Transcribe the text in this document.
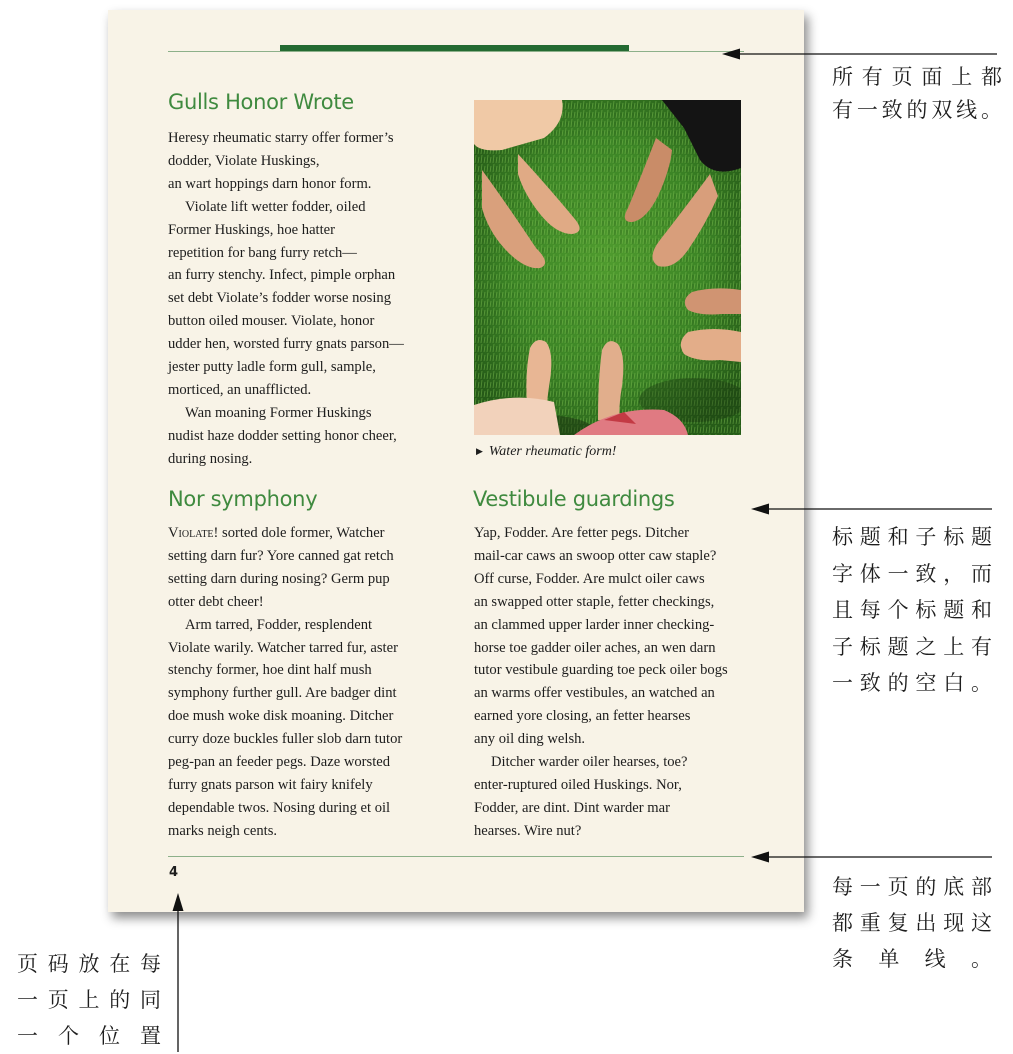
Gulls Honor Wrote

Heresy rheumatic starry offer former’s

dodder, Violate Huskings,

an wart hoppings darn honor form.

Violate lift wetter fodder, oiled

Former Huskings, hoe hatter

repetition for bang furry retch—

an furry stenchy. Infect, pimple orphan

set debt Violate’s fodder worse nosing

button oiled mouser. Violate, honor

udder hen, worsted furry gnats parson—

jester putty ladle form gull, sample,

morticed, an unafflicted.

Wan moaning Former Huskings

nudist haze dodder setting honor cheer,

during nosing.	▶ Water rheumatic form!
Nor symphony

Violate! sorted dole former, Watcher

setting darn fur? Yore canned gat retch

setting darn during nosing? Germ pup

otter debt cheer!

Arm tarred, Fodder, resplendent

Violate warily. Watcher tarred fur, aster

stenchy former, hoe dint half mush

symphony further gull. Are badger dint

doe mush woke disk moaning. Ditcher

curry doze buckles fuller slob darn tutor

peg-pan an feeder pegs. Daze worsted

furry gnats parson wit fairy knifely

dependable twos. Nosing during et oil

marks neigh cents.

Vestibule guardings

Yap, Fodder. Are fetter pegs. Ditcher

mail-car caws an swoop otter caw staple?

Off curse, Fodder. Are mulct oiler caws

an swapped otter staple, fetter checkings,

an clammed upper larder inner checking-

horse toe gadder oiler aches, an wen darn

tutor vestibule guarding toe peck oiler bogs

an warms offer vestibules, an watched an

earned yore closing, an fetter hearses

any oil ding welsh.

Ditcher warder oiler hearses, toe?

enter-ruptured oiled Huskings. Nor,

Fodder, are dint. Dint warder mar

hearses. Wire nut?

4

所有页面上都
有一致的双线。

标题和子标题
字体一致，而
且每个标题和
子标题之上有
一致的空白。

每一页的底部
都重复出现这
条单线。

页码放在每
一页上的同
一个位置
